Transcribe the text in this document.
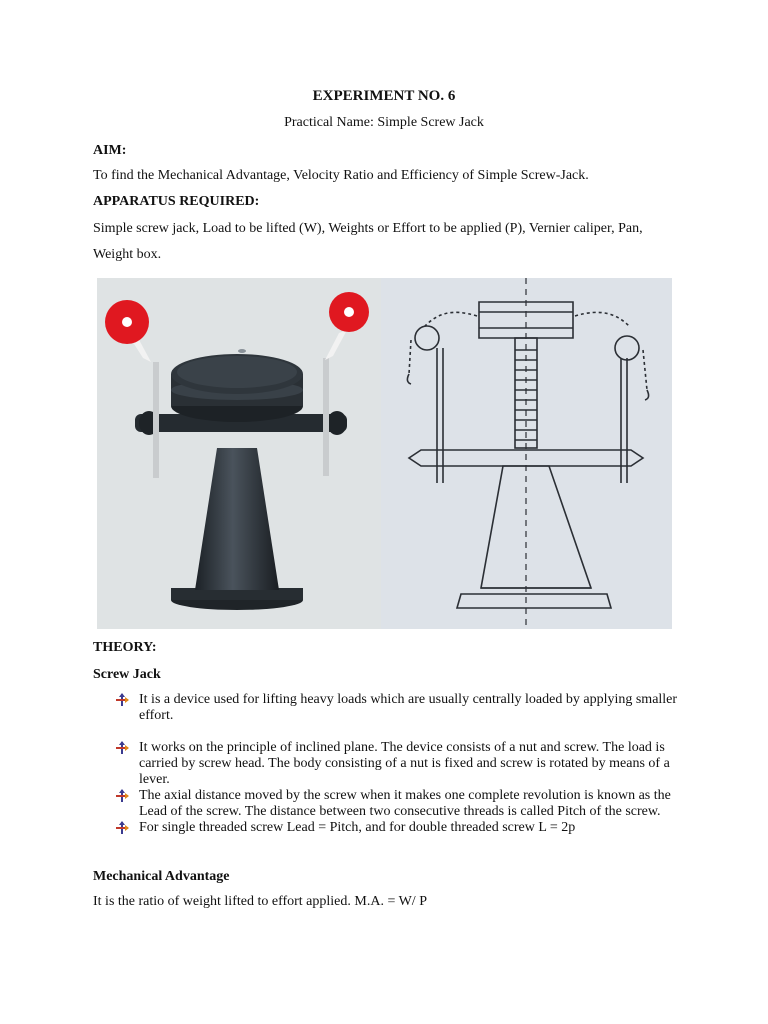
EXPERIMENT NO. 6
Practical Name: Simple Screw Jack
AIM:
To find the Mechanical Advantage, Velocity Ratio and Efficiency of Simple Screw-Jack.
APPARATUS REQUIRED:
Simple screw jack, Load to be lifted (W), Weights or Effort to be applied (P), Vernier caliper, Pan,
Weight box.
THEORY:
Screw Jack
It is a device used for lifting heavy loads which are usually centrally loaded by applying smaller effort.
It works on the principle of inclined plane. The device consists of a nut and screw. The load is carried by screw head. The body consisting of a nut is fixed and screw is rotated by means of a lever.
The axial distance moved by the screw when it makes one complete revolution is known as the Lead of the screw. The distance between two consecutive threads is called Pitch of the screw.
For single threaded screw Lead = Pitch, and for double threaded screw L = 2p
Mechanical Advantage
It is the ratio of weight lifted to effort applied. M.A. = W/ P
